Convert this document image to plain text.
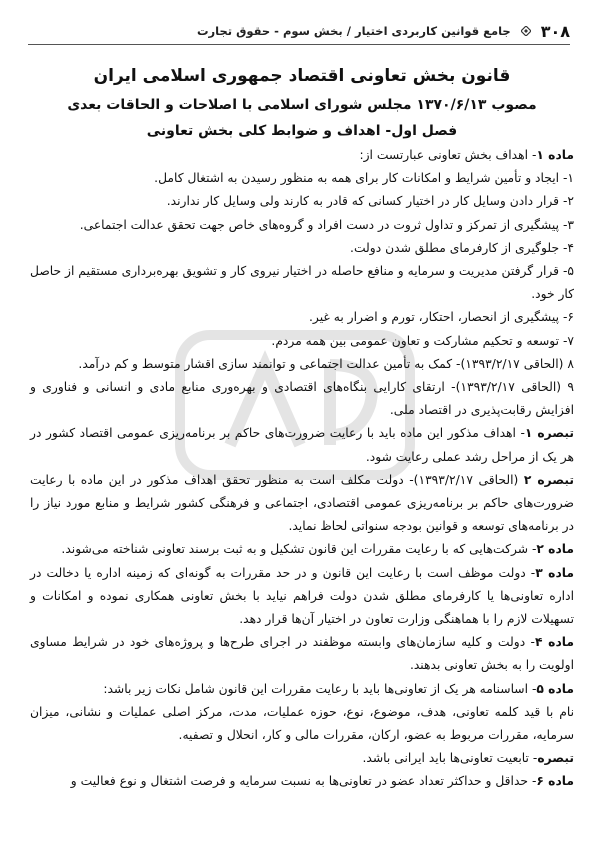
۳۰۸
جامع قوانین کاربردی اختیار / بخش سوم - حقوق تجارت
قانون بخش تعاونی اقتصاد جمهوری اسلامی ایران
مصوب ۱۳۷۰/۶/۱۳ مجلس شورای اسلامی با اصلاحات و الحاقات بعدی
فصل اول- اهداف و ضوابط کلی بخش تعاونی

ماده ۱- اهداف بخش تعاونی عبارتست از:

۱- ایجاد و تأمین شرایط و امکانات کار برای همه به منظور رسیدن به اشتغال کامل.

۲- قرار دادن وسایل کار در اختیار کسانی که قادر به کارند ولی وسایل کار ندارند.

۳- پیشگیری از تمرکز و تداول ثروت در دست افراد و گروه‌های خاص جهت تحقق عدالت اجتماعی.

۴- جلوگیری از کارفرمای مطلق شدن دولت.

۵- قرار گرفتن مدیریت و سرمایه و منافع حاصله در اختیار نیروی کار و تشویق بهره‌برداری مستقیم از حاصل کار خود.

۶- پیشگیری از انحصار، احتکار، تورم و اضرار به غیر.

۷- توسعه و تحکیم مشارکت و تعاون عمومی بین همه مردم.

۸ (الحاقی ۱۳۹۳/۲/۱۷)- کمک به تأمین عدالت اجتماعی و توانمند سازی اقشار متوسط و کم درآمد.

۹ (الحاقی ۱۳۹۳/۲/۱۷)- ارتقای کارایی بنگاه‌های اقتصادی و بهره‌وری منابع مادی و انسانی و فناوری و افزایش رقابت‌پذیری در اقتصاد ملی.

تبصره ۱- اهداف مذکور این ماده باید با رعایت ضرورت‌های حاکم بر برنامه‌ریزی عمومی اقتصاد کشور در هر یک از مراحل رشد عملی رعایت شود.

تبصره ۲ (الحاقی ۱۳۹۳/۲/۱۷)- دولت مکلف است به منظور تحقق اهداف مذکور در این ماده با رعایت ضرورت‌های حاکم بر برنامه‌ریزی عمومی اقتصادی، اجتماعی و فرهنگی کشور شرایط و منابع مورد نیاز را در برنامه‌های توسعه و قوانین بودجه سنواتی لحاظ نماید.

ماده ۲- شرکت‌هایی که با رعایت مقررات این قانون تشکیل و به ثبت برسند تعاونی شناخته می‌شوند.

ماده ۳- دولت موظف است با رعایت این قانون و در حد مقررات به گونه‌ای که زمینه اداره یا دخالت در اداره تعاونی‌ها یا کارفرمای مطلق شدن دولت فراهم نیاید با بخش تعاونی همکاری نموده و امکانات و تسهیلات لازم را با هماهنگی وزارت تعاون در اختیار آن‌ها قرار دهد.

ماده ۴- دولت و کلیه سازمان‌های وابسته موظفند در اجرای طرح‌ها و پروژه‌های خود در شرایط مساوی اولویت را به بخش تعاونی بدهند.

ماده ۵- اساسنامه هر یک از تعاونی‌ها باید با رعایت مقررات این قانون شامل نکات زیر باشد:

نام با قید کلمه تعاونی، هدف، موضوع، نوع، حوزه عملیات، مدت، مرکز اصلی عملیات و نشانی، میزان سرمایه، مقررات مربوط به عضو، ارکان، مقررات مالی و کار، انحلال و تصفیه.

تبصره- تابعیت تعاونی‌ها باید ایرانی باشد.

ماده ۶- حداقل و حداکثر تعداد عضو در تعاونی‌ها به نسبت سرمایه و فرصت اشتغال و نوع فعالیت و
